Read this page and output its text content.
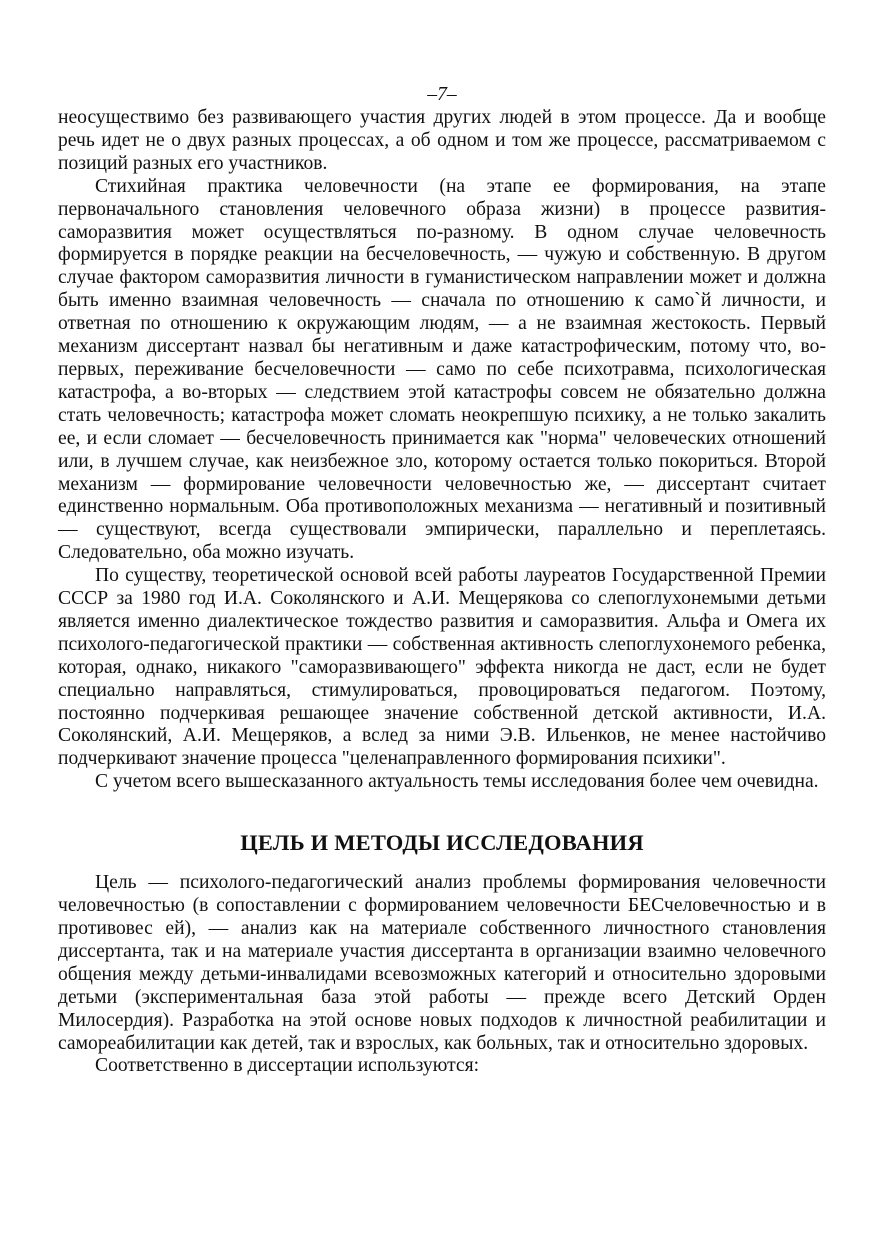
–7–

неосуществимо без развивающего участия других людей в этом процессе. Да и вообще речь идет не о двух разных процессах, а об одном и том же процессе, рассматриваемом с позиций разных его участников.

Стихийная практика человечности (на этапе ее формирования, на этапе первоначального становления человечного образа жизни) в процессе развития-саморазвития может осуществляться по-разному. В одном случае человечность формируется в порядке реакции на бесчеловечность, — чужую и собственную. В другом случае фактором саморазвития личности в гуманистическом направлении может и должна быть именно взаимная человечность — сначала по отношению к само`й личности, и ответная по отношению к окружающим людям, — а не взаимная жестокость. Первый механизм диссертант назвал бы негативным и даже катастрофическим, потому что, во-первых, переживание бесчеловечности — само по себе психотравма, психологическая катастрофа, а во-вторых — следствием этой катастрофы совсем не обязательно должна стать человечность; катастрофа может сломать неокрепшую психику, а не только закалить ее, и если сломает — бесчеловечность принимается как "норма" человеческих отношений или, в лучшем случае, как неизбежное зло, которому остается только покориться. Второй механизм — формирование человечности человечностью же, — диссертант считает единственно нормальным. Оба противоположных механизма — негативный и позитивный — существуют, всегда существовали эмпирически, параллельно и переплетаясь. Следовательно, оба можно изучать.

По существу, теоретической основой всей работы лауреатов Государственной Премии СССР за 1980 год И.А. Соколянского и А.И. Мещерякова со слепоглухонемыми детьми является именно диалектическое тождество развития и саморазвития. Альфа и Омега их психолого-педагогической практики — собственная активность слепоглухонемого ребенка, которая, однако, никакого "саморазвивающего" эффекта никогда не даст, если не будет специально направляться, стимулироваться, провоцироваться педагогом. Поэтому, постоянно подчеркивая решающее значение собственной детской активности, И.А. Соколянский, А.И. Мещеряков, а вслед за ними Э.В. Ильенков, не менее настойчиво подчеркивают значение процесса "целенаправленного формирования психики".

С учетом всего вышесказанного актуальность темы исследования более чем очевидна.

ЦЕЛЬ И МЕТОДЫ ИССЛЕДОВАНИЯ

Цель — психолого-педагогический анализ проблемы формирования человечности человечностью (в сопоставлении с формированием человечности БЕСчеловечностью и в противовес ей), — анализ как на материале собственного личностного становления диссертанта, так и на материале участия диссертанта в организации взаимно человечного общения между детьми-инвалидами всевозможных категорий и относительно здоровыми детьми (экспериментальная база этой работы — прежде всего Детский Орден Милосердия). Разработка на этой основе новых подходов к личностной реабилитации и самореабилитации как детей, так и взрослых, как больных, так и относительно здоровых.

Соответственно в диссертации используются:
